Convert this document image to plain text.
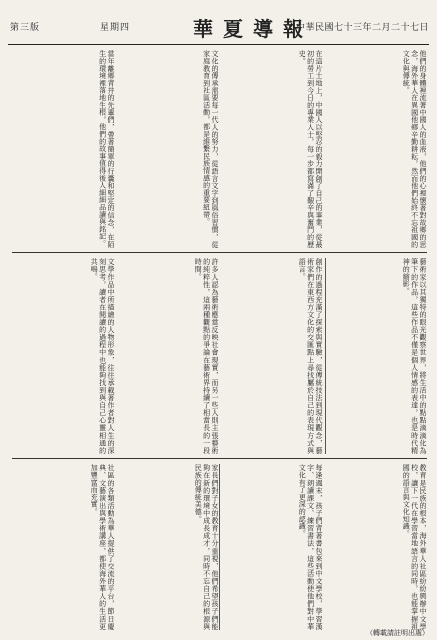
中華民國七十三年二月二十七日
華夏導報
星期四
第三版
他們的身體裡流著中國人的血液，他們的心裡懷著對故鄉的思念，海外華人在異國他鄉辛勤耕耘，然而他們始終不忘祖國的文化與傳統。
在這片土地上，中國人以堅忍的毅力開創了自己的事業，從最初的勞工到今日的專業人士，每一步都寫滿了艱辛與奮鬥的歷史。
文化的傳承需要每一代人的努力，從語言文字到風俗習慣，從家庭教育到社區活動，都是維繫民族情感的重要紐帶。
當年離鄉背井的先輩們，帶著簡單的行囊和堅定的信念，在陌生的環境裡落地生根，他們的故事值得後人細細品讀與銘記。
藝術家以其獨特的眼光觀察世界，將生活中的點點滴滴化為筆下的作品，這些作品不僅是個人情感的表達，也是時代精神的縮影。
創作的過程充滿了探索與實驗，從傳統技法到現代觀念，藝術家們在東西方文化的交匯點上尋找屬於自己的表現方式與語言。
許多人認為藝術應當反映社會現實，而另一些人則主張藝術的純粹性，這兩種觀點的爭論在藝術界持續了相當長的一段時間。
文學作品中所描繪的人物形象，往往承載著作者對人生的深刻思考，讀者在閱讀的過程中也能夠找到與自己心靈相通的共鳴。
教育是民族的根本，海外華人社區紛紛興辦中文學校，讓下一代在學習當地語言的同時，也能掌握祖國的語言與文化知識。
每逢週末，孩子們背著書包來到中文學校，學習漢字、朗讀課文、練習書法，這些活動使他們對中華文化有了更深的認識。
家長們對子女的教育十分重視，他們希望孩子們能夠在新的環境中成長成才，同時不忘自己的根源與民族的傳統美德。
社區的各類活動為華人提供了交流的平台，節日慶典、文藝演出與學術講座，都使海外華人的生活更加豐富而充實。
（轉載請註明出處）
